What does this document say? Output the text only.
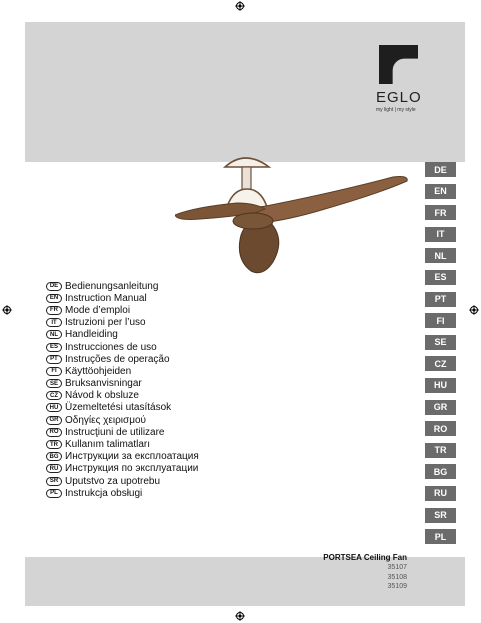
EGLO
my light | my style
DE
EN
FR
IT
NL
ES
PT
FI
SE
CZ
HU
GR
RO
TR
BG
RU
SR
PL
DE Bedienungsanleitung
EN Instruction Manual
FR Mode d’emploi
IT Istruzioni per l’uso
NL Handleiding
ES Instrucciones de uso
PT Instruções de operação
FI Käyttöohjeiden
SE Bruksanvisningar
CZ Návod k obsluze
HU Üzemeltetési utasítások
GR Οδηγίες χειρισμού
RO Instrucţiuni de utilizare
TR Kullanım talimatları
BG Инструкции за експлоатация
RU Инструкция по эксплуатации
SR Uputstvo za upotrebu
PL Instrukcja obsługi
PORTSEA Ceiling Fan
35107
35108
35109
